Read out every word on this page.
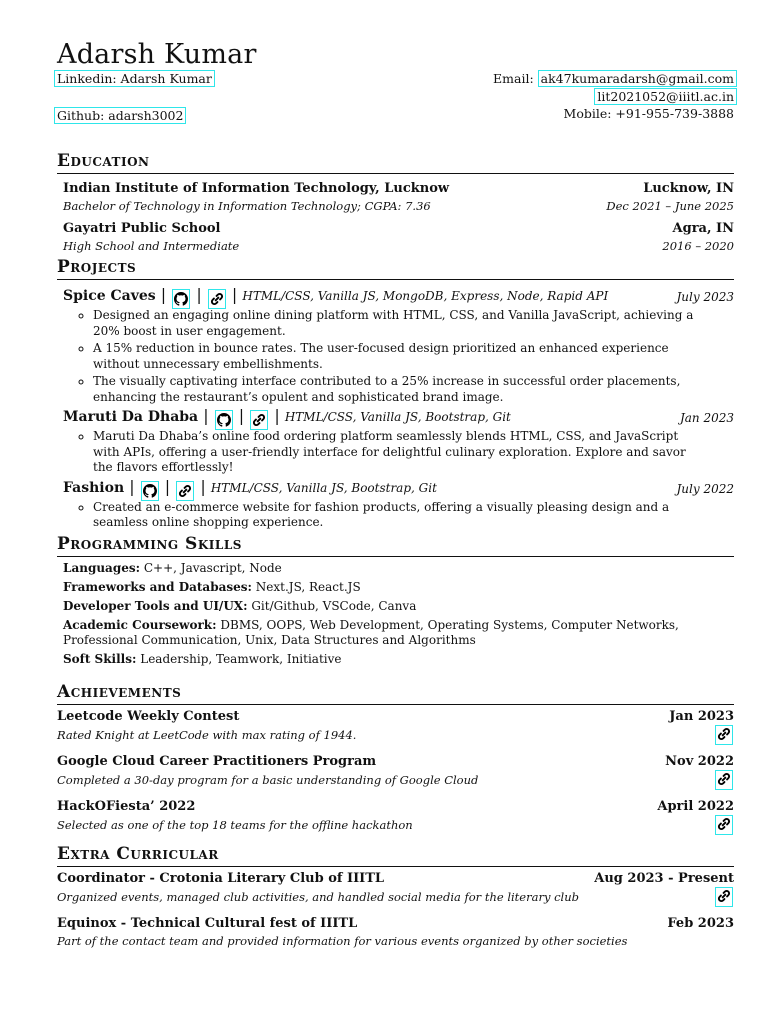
Adarsh Kumar
Linkedin: Adarsh Kumar
Github: adarsh3002
Email: ak47kumaradarsh@gmail.com
lit2021052@iiitl.ac.in
Mobile: +91-955-739-3888
Education
Indian Institute of Information Technology, Lucknow	Lucknow, IN
Bachelor of Technology in Information Technology; CGPA: 7.36	Dec 2021 – June 2025
Gayatri Public School	Agra, IN
High School and Intermediate	2016 – 2020
Projects
Spice Caves |  |  | HTML/CSS, Vanilla JS, MongoDB, Express, Node, Rapid API	July 2023
◦ Designed an engaging online dining platform with HTML, CSS, and Vanilla JavaScript, achieving a 20% boost in user engagement.
◦ A 15% reduction in bounce rates. The user-focused design prioritized an enhanced experience without unnecessary embellishments.
◦ The visually captivating interface contributed to a 25% increase in successful order placements, enhancing the restaurant’s opulent and sophisticated brand image.
Maruti Da Dhaba |  |  | HTML/CSS, Vanilla JS, Bootstrap, Git	Jan 2023
◦ Maruti Da Dhaba’s online food ordering platform seamlessly blends HTML, CSS, and JavaScript with APIs, offering a user-friendly interface for delightful culinary exploration. Explore and savor the flavors effortlessly!
Fashion |  |  | HTML/CSS, Vanilla JS, Bootstrap, Git	July 2022
◦ Created an e-commerce website for fashion products, offering a visually pleasing design and a seamless online shopping experience.
Programming Skills
Languages: C++, Javascript, Node
Frameworks and Databases: Next.JS, React.JS
Developer Tools and UI/UX: Git/Github, VSCode, Canva
Academic Coursework: DBMS, OOPS, Web Development, Operating Systems, Computer Networks, Professional Communication, Unix, Data Structures and Algorithms
Soft Skills: Leadership, Teamwork, Initiative
Achievements
Leetcode Weekly Contest	Jan 2023
Rated Knight at LeetCode with max rating of 1944.
Google Cloud Career Practitioners Program	Nov 2022
Completed a 30-day program for a basic understanding of Google Cloud
HackOFiesta’ 2022	April 2022
Selected as one of the top 18 teams for the offline hackathon
Extra Curricular
Coordinator - Crotonia Literary Club of IIITL	Aug 2023 - Present
Organized events, managed club activities, and handled social media for the literary club
Equinox - Technical Cultural fest of IIITL	Feb 2023
Part of the contact team and provided information for various events organized by other societies
